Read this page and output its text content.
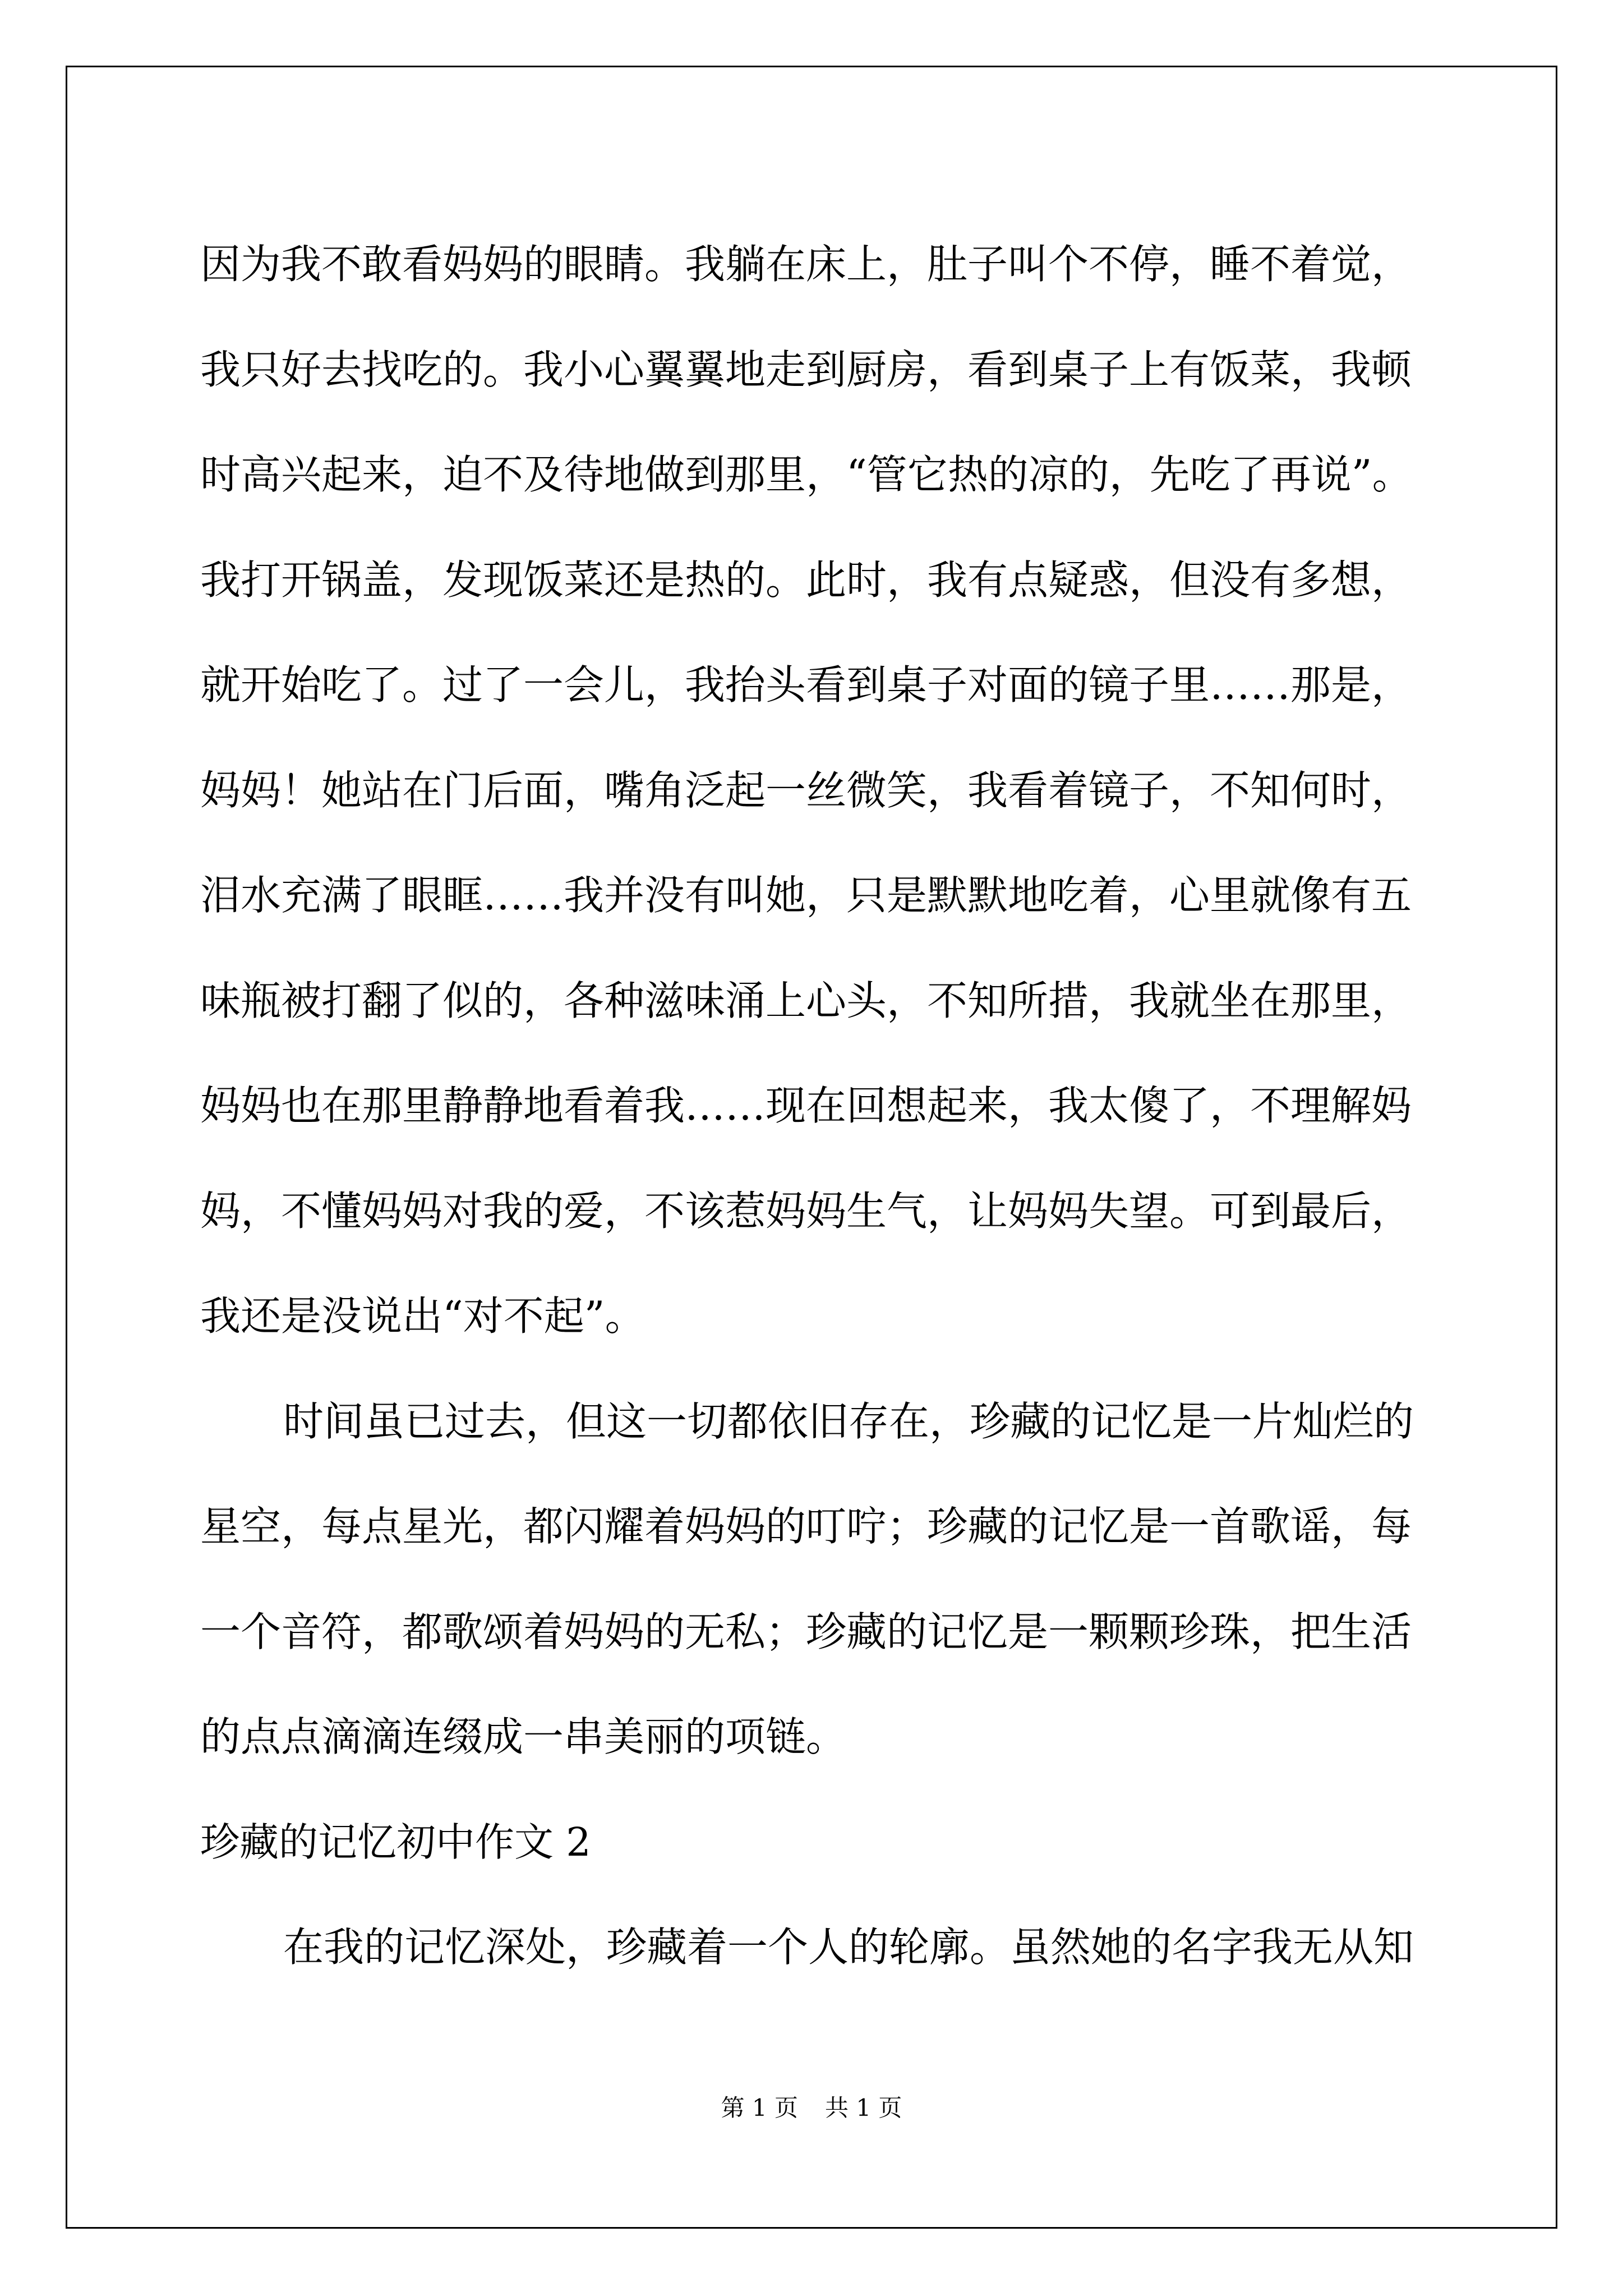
因为我不敢看妈妈的眼睛。我躺在床上，肚子叫个不停，睡不着觉，
我只好去找吃的。我小心翼翼地走到厨房，看到桌子上有饭菜，我顿
时高兴起来，迫不及待地做到那里，“管它热的凉的，先吃了再说”。
我打开锅盖，发现饭菜还是热的。此时，我有点疑惑，但没有多想，
就开始吃了。过了一会儿，我抬头看到桌子对面的镜子里……那是，
妈妈！她站在门后面，嘴角泛起一丝微笑，我看着镜子，不知何时，
泪水充满了眼眶……我并没有叫她，只是默默地吃着，心里就像有五
味瓶被打翻了似的，各种滋味涌上心头，不知所措，我就坐在那里，
妈妈也在那里静静地看着我……现在回想起来，我太傻了，不理解妈
妈，不懂妈妈对我的爱，不该惹妈妈生气，让妈妈失望。可到最后，
我还是没说出“对不起”。
时间虽已过去，但这一切都依旧存在，珍藏的记忆是一片灿烂的
星空，每点星光，都闪耀着妈妈的叮咛；珍藏的记忆是一首歌谣，每
一个音符，都歌颂着妈妈的无私；珍藏的记忆是一颗颗珍珠，把生活
的点点滴滴连缀成一串美丽的项链。
珍藏的记忆初中作文 2
在我的记忆深处，珍藏着一个人的轮廓。虽然她的名字我无从知
第 1 页 共 1 页
